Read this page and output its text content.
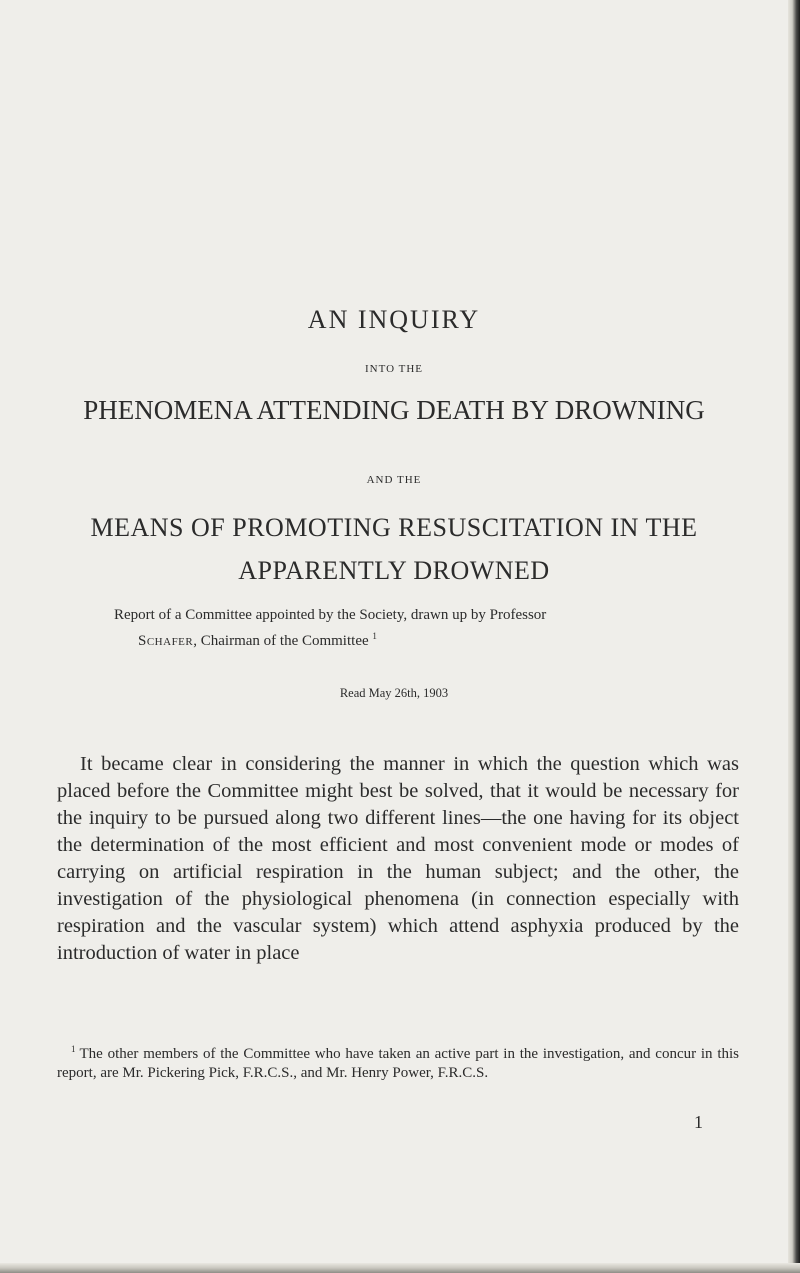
AN INQUIRY
INTO THE
PHENOMENA ATTENDING DEATH BY DROWNING
AND THE
MEANS OF PROMOTING RESUSCITATION IN THE
APPARENTLY DROWNED
Report of a Committee appointed by the Society, drawn up by Professor
Schafer, Chairman of the Committee $^1$
Read May 26th, 1903
It became clear in considering the manner in which the question which was placed before the Committee might best be solved, that it would be necessary for the inquiry to be pursued along two different lines—the one having for its object the determination of the most efficient and most convenient mode or modes of carrying on artificial respiration in the human subject; and the other, the investigation of the physiological phenomena (in connection especially with respiration and the vascular system) which attend asphyxia produced by the introduction of water in place
$^1$ The other members of the Committee who have taken an active part in the investigation, and concur in this report, are Mr. Pickering Pick, F.R.C.S., and Mr. Henry Power, F.R.C.S.
1
